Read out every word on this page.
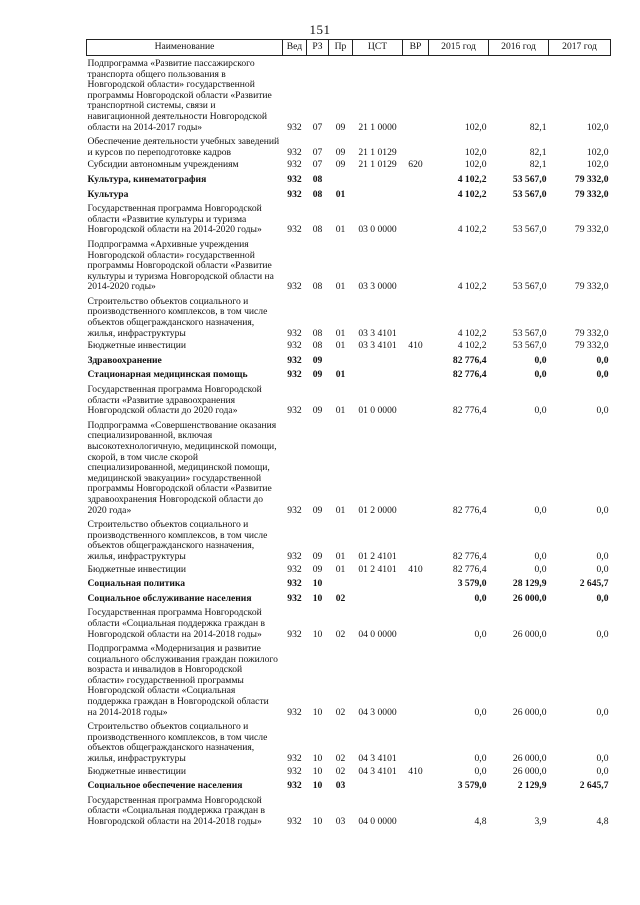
151
Наименование	Вед	РЗ	Пр	ЦСТ	ВР	2015 год	2016 год	2017 год
Подпрограмма «Развитие пассажирского транспорта общего пользования в Новгородской области» государственной программы Новгородской области «Развитие транспортной системы, связи и навигационной деятельности Новгородской области на 2014-2017 годы»	932	07	09	21 1 0000		102,0	82,1	102,0
Обеспечение деятельности учебных заведений и курсов по переподготовке кадров	932	07	09	21 1 0129		102,0	82,1	102,0
Субсидии автономным учреждениям	932	07	09	21 1 0129	620	102,0	82,1	102,0
Культура, кинематография	932	08				4 102,2	53 567,0	79 332,0
Культура	932	08	01			4 102,2	53 567,0	79 332,0
Государственная программа Новгородской области «Развитие культуры и туризма Новгородской области на 2014-2020 годы»	932	08	01	03 0 0000		4 102,2	53 567,0	79 332,0
Подпрограмма «Архивные учреждения Новгородской области» государственной программы Новгородской области «Развитие культуры и туризма Новгородской области на 2014-2020 годы»	932	08	01	03 3 0000		4 102,2	53 567,0	79 332,0
Строительство объектов социального и производственного комплексов, в том числе объектов общегражданского назначения, жилья, инфраструктуры	932	08	01	03 3 4101		4 102,2	53 567,0	79 332,0
Бюджетные инвестиции	932	08	01	03 3 4101	410	4 102,2	53 567,0	79 332,0
Здравоохранение	932	09				82 776,4	0,0	0,0
Стационарная медицинская помощь	932	09	01			82 776,4	0,0	0,0
Государственная программа Новгородской области «Развитие здравоохранения Новгородской области до 2020 года»	932	09	01	01 0 0000		82 776,4	0,0	0,0
Подпрограмма «Совершенствование оказания специализированной, включая высокотехнологичную, медицинской помощи, скорой, в том числе скорой специализированной, медицинской помощи, медицинской эвакуации» государственной программы Новгородской области «Развитие здравоохранения Новгородской области до 2020 года»	932	09	01	01 2 0000		82 776,4	0,0	0,0
Строительство объектов социального и производственного комплексов, в том числе объектов общегражданского назначения, жилья, инфраструктуры	932	09	01	01 2 4101		82 776,4	0,0	0,0
Бюджетные инвестиции	932	09	01	01 2 4101	410	82 776,4	0,0	0,0
Социальная политика	932	10				3 579,0	28 129,9	2 645,7
Социальное обслуживание населения	932	10	02			0,0	26 000,0	0,0
Государственная программа Новгородской области «Социальная поддержка граждан в Новгородской области на 2014-2018 годы»	932	10	02	04 0 0000		0,0	26 000,0	0,0
Подпрограмма «Модернизация и развитие социального обслуживания граждан пожилого возраста и инвалидов в Новгородской области» государственной программы Новгородской области «Социальная поддержка граждан в Новгородской области на 2014-2018 годы»	932	10	02	04 3 0000		0,0	26 000,0	0,0
Строительство объектов социального и производственного комплексов, в том числе объектов общегражданского назначения, жилья, инфраструктуры	932	10	02	04 3 4101		0,0	26 000,0	0,0
Бюджетные инвестиции	932	10	02	04 3 4101	410	0,0	26 000,0	0,0
Социальное обеспечение населения	932	10	03			3 579,0	2 129,9	2 645,7
Государственная программа Новгородской области «Социальная поддержка граждан в Новгородской области на 2014-2018 годы»	932	10	03	04 0 0000		4,8	3,9	4,8
